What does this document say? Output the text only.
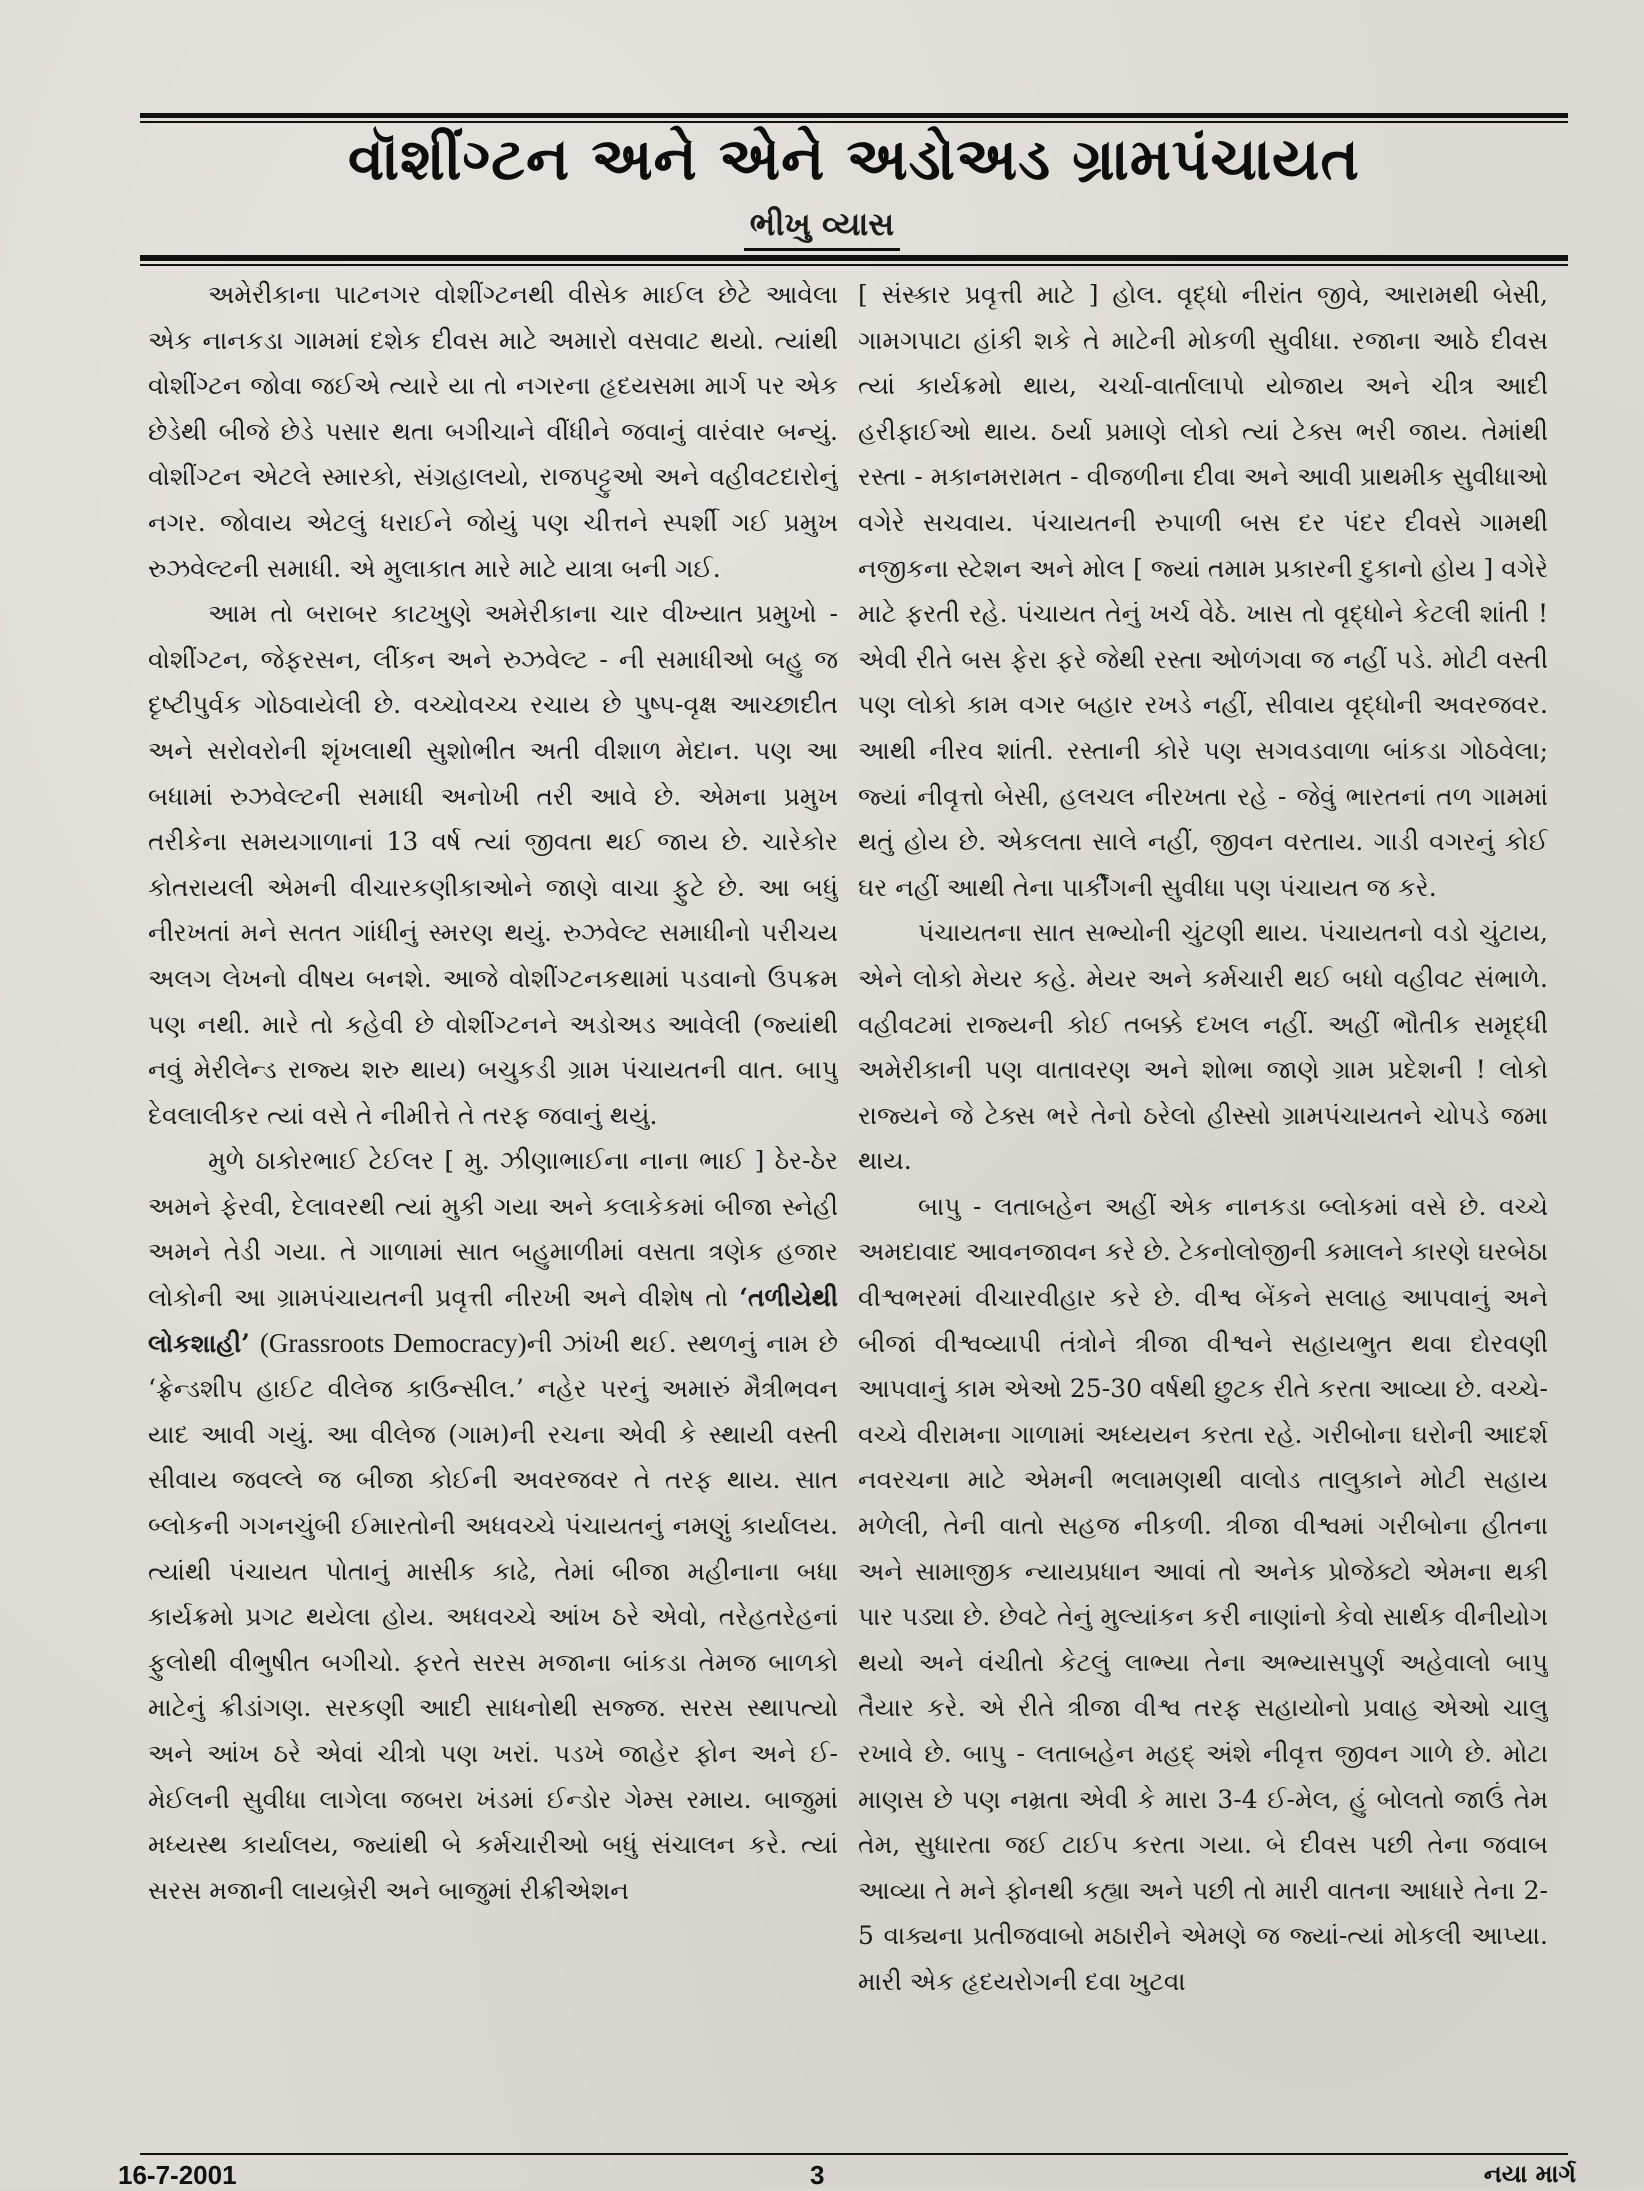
વૉશીંગ્ટન અને એને અડોઅડ ગ્રામપંચાયત
ભીખુ વ્યાસ

અમેરીકાના પાટનગર વોશીંગ્ટનથી વીસેક માઈલ છેટે આવેલા એક નાનકડા ગામમાં દશેક દીવસ માટે અમારો વસવાટ થયો. ત્યાંથી વોશીંગ્ટન જોવા જઈએ ત્યારે યા તો નગરના હૃદયસમા માર્ગ પર એક છેડેથી બીજે છેડે પસાર થતા બગીચાને વીંધીને જવાનું વારંવાર બન્યું. વોશીંગ્ટન એટલે સ્મારકો, સંગ્રહાલયો, રાજપટ્ટુઓ અને વહીવટદારોનું નગર. જોવાય એટલું ધરાઈને જોયું પણ ચીત્તને સ્પર્શી ગઈ પ્રમુખ રુઝવેલ્ટની સમાધી. એ મુલાકાત મારે માટે યાત્રા બની ગઈ.

આમ તો બરાબર કાટખુણે અમેરીકાના ચાર વીખ્યાત પ્રમુખો - વોશીંગ્ટન, જેફરસન, લીંકન અને રુઝવેલ્ટ - ની સમાધીઓ બહુ જ દૃષ્ટીપુર્વક ગોઠવાયેલી છે. વચ્ચોવચ્ચ રચાય છે પુષ્પ-વૃક્ષ આચ્છાદીત અને સરોવરોની શૃંખલાથી સુશોભીત અતી વીશાળ મેદાન. પણ આ બધામાં રુઝવેલ્ટની સમાધી અનોખી તરી આવે છે. એમના પ્રમુખ તરીકેના સમયગાળાનાં 13 વર્ષ ત્યાં જીવતા થઈ જાય છે. ચારેકોર કોતરાયલી એમની વીચારકણીકાઓને જાણે વાચા ફુટે છે. આ બધું નીરખતાં મને સતત ગાંધીનું સ્મરણ થયું. રુઝવેલ્ટ સમાધીનો પરીચય અલગ લેખનો વીષય બનશે. આજે વોશીંગ્ટનકથામાં પડવાનો ઉપક્રમ પણ નથી. મારે તો કહેવી છે વોશીંગ્ટનને અડોઅડ આવેલી (જ્યાંથી નવું મેરીલેન્ડ રાજ્ય શરુ થાય) બચુકડી ગ્રામ પંચાયતની વાત. બાપુ દેવલાલીકર ત્યાં વસે તે નીમીત્તે તે તરફ જવાનું થયું.

મુળે ઠાકોરભાઈ ટેઈલર [ મુ. ઝીણાભાઈના નાના ભાઈ ] ઠેર-ઠેર અમને ફેરવી, દેલાવરથી ત્યાં મુકી ગયા અને કલાકેકમાં બીજા સ્નેહી અમને તેડી ગયા. તે ગાળામાં સાત બહુમાળીમાં વસતા ત્રણેક હજાર લોકોની આ ગ્રામપંચાયતની પ્રવૃત્તી નીરખી અને વીશેષ તો ‘તળીયેથી લોકશાહી’ (Grassroots Democracy)ની ઝાંખી થઈ. સ્થળનું નામ છે ‘ફ્રેન્ડશીપ હાઈટ વીલેજ કાઉન્સીલ.’ નહેર પરનું અમારું મૈત્રીભવન યાદ આવી ગયું. આ વીલેજ (ગામ)ની રચના એવી કે સ્થાયી વસ્તી સીવાય જવલ્લે જ બીજા કોઈની અવરજવર તે તરફ થાય. સાત બ્લોકની ગગનચુંબી ઈમારતોની અધવચ્ચે પંચાયતનું નમણું કાર્યાલય. ત્યાંથી પંચાયત પોતાનું માસીક કાઢે, તેમાં બીજા મહીનાના બધા કાર્યક્રમો પ્રગટ થયેલા હોય. અધવચ્ચે આંખ ઠરે એવો, તરેહતરેહનાં ફુલોથી વીભુષીત બગીચો. ફરતે સરસ મજાના બાંકડા તેમજ બાળકો માટેનું ક્રીડાંગણ. સરકણી આદી સાધનોથી સજ્જ. સરસ સ્થાપત્યો અને આંખ ઠરે એવાં ચીત્રો પણ ખરાં. પડખે જાહેર ફોન અને ઈ-મેઈલની સુવીધા લાગેલા જબરા ખંડમાં ઈન્ડોર ગેમ્સ રમાય. બાજુમાં મધ્યસ્થ કાર્યાલય, જ્યાંથી બે કર્મચારીઓ બધું સંચાલન કરે. ત્યાં સરસ મજાની લાયબ્રેરી અને બાજુમાં રીક્રીએશન

[ સંસ્કાર પ્રવૃત્તી માટે ] હોલ. વૃદ્ધો નીરાંત જીવે, આરામથી બેસી, ગામગપાટા હાંકી શકે તે માટેની મોકળી સુવીધા. રજાના આઠે દીવસ ત્યાં કાર્યક્રમો થાય, ચર્ચા-વાર્તાલાપો યોજાય અને ચીત્ર આદી હરીફાઈઓ થાય. ઠર્યા પ્રમાણે લોકો ત્યાં ટેક્સ ભરી જાય. તેમાંથી રસ્તા - મકાનમરામત - વીજળીના દીવા અને આવી પ્રાથમીક સુવીધાઓ વગેરે સચવાય. પંચાયતની રુપાળી બસ દર પંદર દીવસે ગામથી નજીકના સ્ટેશન અને મોલ [ જ્યાં તમામ પ્રકારની દુકાનો હોય ] વગેરે માટે ફરતી રહે. પંચાયત તેનું ખર્ચ વેઠે. ખાસ તો વૃદ્ધોને કેટલી શાંતી ! એવી રીતે બસ ફેરા ફરે જેથી રસ્તા ઓળંગવા જ નહીં પડે. મોટી વસ્તી પણ લોકો કામ વગર બહાર રખડે નહીં, સીવાય વૃદ્ધોની અવરજવર. આથી નીરવ શાંતી. રસ્તાની કોરે પણ સગવડવાળા બાંકડા ગોઠવેલા; જ્યાં નીવૃત્તો બેસી, હલચલ નીરખતા રહે - જેવું ભારતનાં તળ ગામમાં થતું હોય છે. એકલતા સાલે નહીં, જીવન વરતાય. ગાડી વગરનું કોઈ ઘર નહીં આથી તેના પાર્કીંગની સુવીધા પણ પંચાયત જ કરે.

પંચાયતના સાત સભ્યોની ચુંટણી થાય. પંચાયતનો વડો ચુંટાય, એને લોકો મેયર કહે. મેયર અને કર્મચારી થઈ બધો વહીવટ સંભાળે. વહીવટમાં રાજ્યની કોઈ તબક્કે દખલ નહીં. અહીં ભૌતીક સમૃદ્ધી અમેરીકાની પણ વાતાવરણ અને શોભા જાણે ગ્રામ પ્રદેશની ! લોકો રાજ્યને જે ટેક્સ ભરે તેનો ઠરેલો હીસ્સો ગ્રામપંચાયતને ચોપડે જમા થાય.

બાપુ - લતાબહેન અહીં એક નાનકડા બ્લોકમાં વસે છે. વચ્ચે અમદાવાદ આવનજાવન કરે છે. ટેકનોલોજીની કમાલને કારણે ઘરબેઠા વીશ્વભરમાં વીચારવીહાર કરે છે. વીશ્વ બેંકને સલાહ આપવાનું અને બીજાં વીશ્વવ્યાપી તંત્રોને ત્રીજા વીશ્વને સહાયભુત થવા દોરવણી આપવાનું કામ એઓ 25-30 વર્ષથી છુટક રીતે કરતા આવ્યા છે. વચ્ચે-વચ્ચે વીરામના ગાળામાં અધ્યયન કરતા રહે. ગરીબોના ઘરોની આદર્શ નવરચના માટે એમની ભલામણથી વાલોડ તાલુકાને મોટી સહાય મળેલી, તેની વાતો સહજ નીકળી. ત્રીજા વીશ્વમાં ગરીબોના હીતના અને સામાજીક ન્યાયપ્રધાન આવાં તો અનેક પ્રોજેક્ટો એમના થકી પાર પડ્યા છે. છેવટે તેનું મુલ્યાંકન કરી નાણાંનો કેવો સાર્થક વીનીયોગ થયો અને વંચીતો કેટલું લાભ્યા તેના અભ્યાસપુર્ણ અહેવાલો બાપુ તૈયાર કરે. એ રીતે ત્રીજા વીશ્વ તરફ સહાયોનો પ્રવાહ એઓ ચાલુ રખાવે છે. બાપુ - લતાબહેન મહદ્ અંશે નીવૃત્ત જીવન ગાળે છે. મોટા માણસ છે પણ નમ્રતા એવી કે મારા 3-4 ઈ-મેલ, હું બોલતો જાઉં તેમ તેમ, સુધારતા જઈ ટાઈપ કરતા ગયા. બે દીવસ પછી તેના જવાબ આવ્યા તે મને ફોનથી કહ્યા અને પછી તો મારી વાતના આધારે તેના 2-5 વાક્યના પ્રતીજવાબો મઠારીને એમણે જ જ્યાં-ત્યાં મોકલી આપ્યા. મારી એક હૃદયરોગની દવા ખુટવા

16-7-2001	3	નયા માર્ગ
